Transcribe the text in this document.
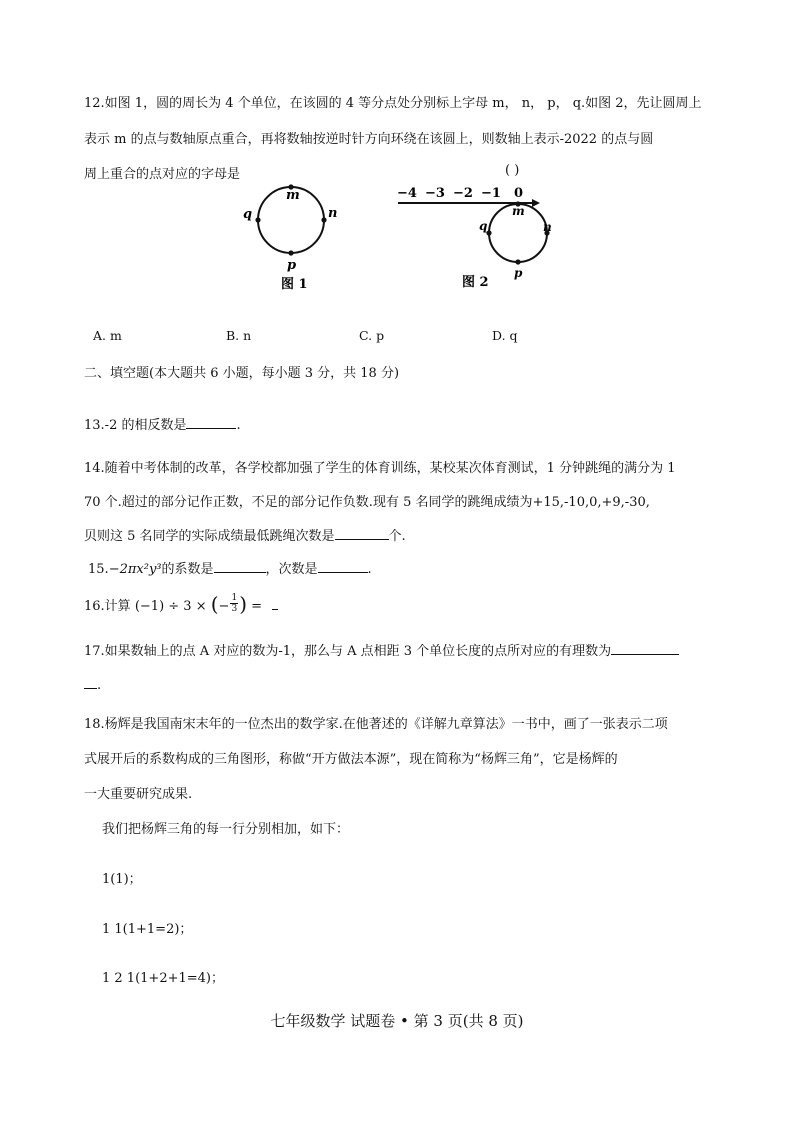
12.如图 1，圆的周长为 4 个单位，在该圆的 4 等分点处分别标上字母 m， n， p， q.如图 2，先让圆周上
表示 m 的点与数轴原点重合，再将数轴按逆时针方向环绕在该圆上，则数轴上表示-2022 的点与圆
周上重合的点对应的字母是	( )
m
n
p
q
图 1
−4 −3 −2 −1 0
m
n
p
q
图 2
A. m	B. n	C. p	D. q
二、填空题(本大题共 6 小题，每小题 3 分，共 18 分)
13.-2 的相反数是	.
14.随着中考体制的改革，各学校都加强了学生的体育训练，某校某次体育测试，1 分钟跳绳的满分为 1
70 个.超过的部分记作正数，不足的部分记作负数.现有 5 名同学的跳绳成绩为+15,-10,0,+9,-30,
贝则这 5 名同学的实际成绩最低跳绳次数是	个.
15.−2πx²y³的系数是	，次数是	.
16.计算 (−1) ÷ 3 × (− $\frac{1}{3}$ ) =
17.如果数轴上的点 A 对应的数为-1，那么与 A 点相距 3 个单位长度的点所对应的有理数为
.
18.杨辉是我国南宋末年的一位杰出的数学家.在他著述的《详解九章算法》一书中，画了一张表示二项
式展开后的系数构成的三角图形，称做“开方做法本源”，现在简称为“杨辉三角”，它是杨辉的
一大重要研究成果.
我们把杨辉三角的每一行分别相加，如下：
1(1)；
1 1(1+1=2)；
1 2 1(1+2+1=4)；
七年级数学 试题卷 • 第 3 页(共 8 页)
